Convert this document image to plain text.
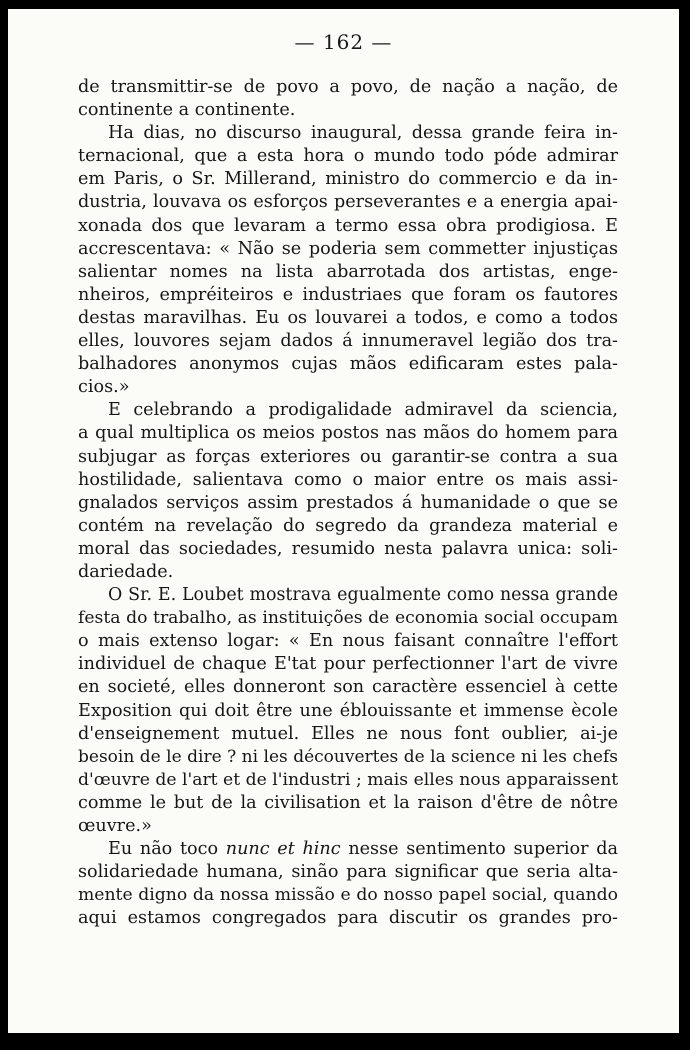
— 162 —

de transmittir-se de povo a povo, de nação a nação, de
continente a continente.

Ha dias, no discurso inaugural, dessa grande feira in-
ternacional, que a esta hora o mundo todo póde admirar
em Paris, o Sr. Millerand, ministro do commercio e da in-
dustria, louvava os esforços perseverantes e a energia apai-
xonada dos que levaram a termo essa obra prodigiosa. E
accrescentava: « Não se poderia sem commetter injustiças
salientar nomes na lista abarrotada dos artistas, enge-
nheiros, empréiteiros e industriaes que foram os fautores
destas maravilhas. Eu os louvarei a todos, e como a todos
elles, louvores sejam dados á innumeravel legião dos tra-
balhadores anonymos cujas mãos edificaram estes pala-
cios.»

E celebrando a prodigalidade admiravel da sciencia,
a qual multiplica os meios postos nas mãos do homem para
subjugar as forças exteriores ou garantir-se contra a sua
hostilidade, salientava como o maior entre os mais assi-
gnalados serviços assim prestados á humanidade o que se
contém na revelação do segredo da grandeza material e
moral das sociedades, resumido nesta palavra unica: soli-
dariedade.

O Sr. E. Loubet mostrava egualmente como nessa grande
festa do trabalho, as instituições de economia social occupam
o mais extenso logar: « En nous faisant connaître l'effort
individuel de chaque E'tat pour perfectionner l'art de vivre
en societé, elles donneront son caractère essenciel à cette
Exposition qui doit être une éblouissante et immense ècole
d'enseignement mutuel. Elles ne nous font oublier, ai-je
besoin de le dire ? ni les découvertes de la science ni les chefs
d'œuvre de l'art et de l'industri ; mais elles nous apparaissent
comme le but de la civilisation et la raison d'être de nôtre
œuvre.»

Eu não toco nunc et hinc nesse sentimento superior da
solidariedade humana, sinão para significar que seria alta-
mente digno da nossa missão e do nosso papel social, quando
aqui estamos congregados para discutir os grandes pro-
